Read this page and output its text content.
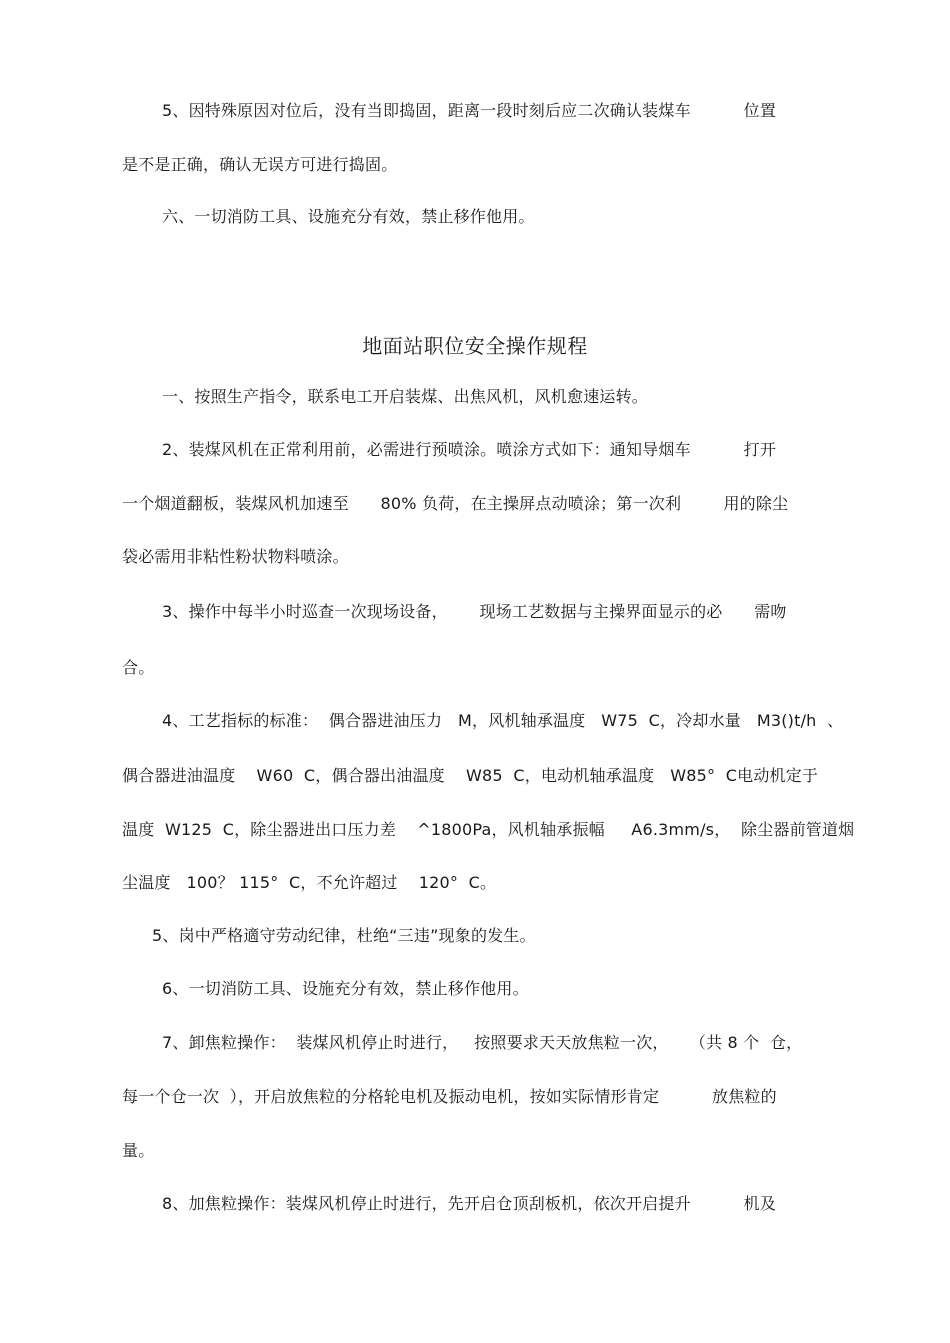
5、因特殊原因对位后，没有当即捣固，距离一段时刻后应二次确认装煤车          位置
是不是正确，确认无误方可进行捣固。
六、一切消防工具、设施充分有效，禁止移作他用。
地面站职位安全操作规程
一、按照生产指令，联系电工开启装煤、出焦风机，风机愈速运转。
2、装煤风机在正常利用前，必需进行预喷涂。喷涂方式如下：通知导烟车          打开
一个烟道翻板，装煤风机加速至      80% 负荷，在主操屏点动喷涂；第一次利        用的除尘
袋必需用非粘性粉状物料喷涂。
3、操作中每半小时巡查一次现场设备，      现场工艺数据与主操界面显示的必      需吻
合。
4、工艺指标的标准：  偶合器进油压力   M，风机轴承温度   W75  C，冷却水量   M3()t/h  、
偶合器进油温度    W60  C，偶合器出油温度    W85  C，电动机轴承温度   W85°  C电动机定于
温度  W125  C，除尘器进出口压力差    ^1800Pa，风机轴承振幅     A6.3mm/s，  除尘器前管道烟
尘温度   100？ 115°  C，不允许超过    120°  C。
5、岗中严格適守劳动纪律，杜绝“三违”现象的发生。
6、一切消防工具、设施充分有效，禁止移作他用。
7、卸焦粒操作：  装煤风机停止时进行，   按照要求天天放焦粒一次，    （共 8 个  仓，
每一个仓一次  ），开启放焦粒的分格轮电机及振动电机，按如实际情形肯定          放焦粒的
量。
8、加焦粒操作：装煤风机停止时进行，先开启仓顶刮板机，依次开启提升          机及
